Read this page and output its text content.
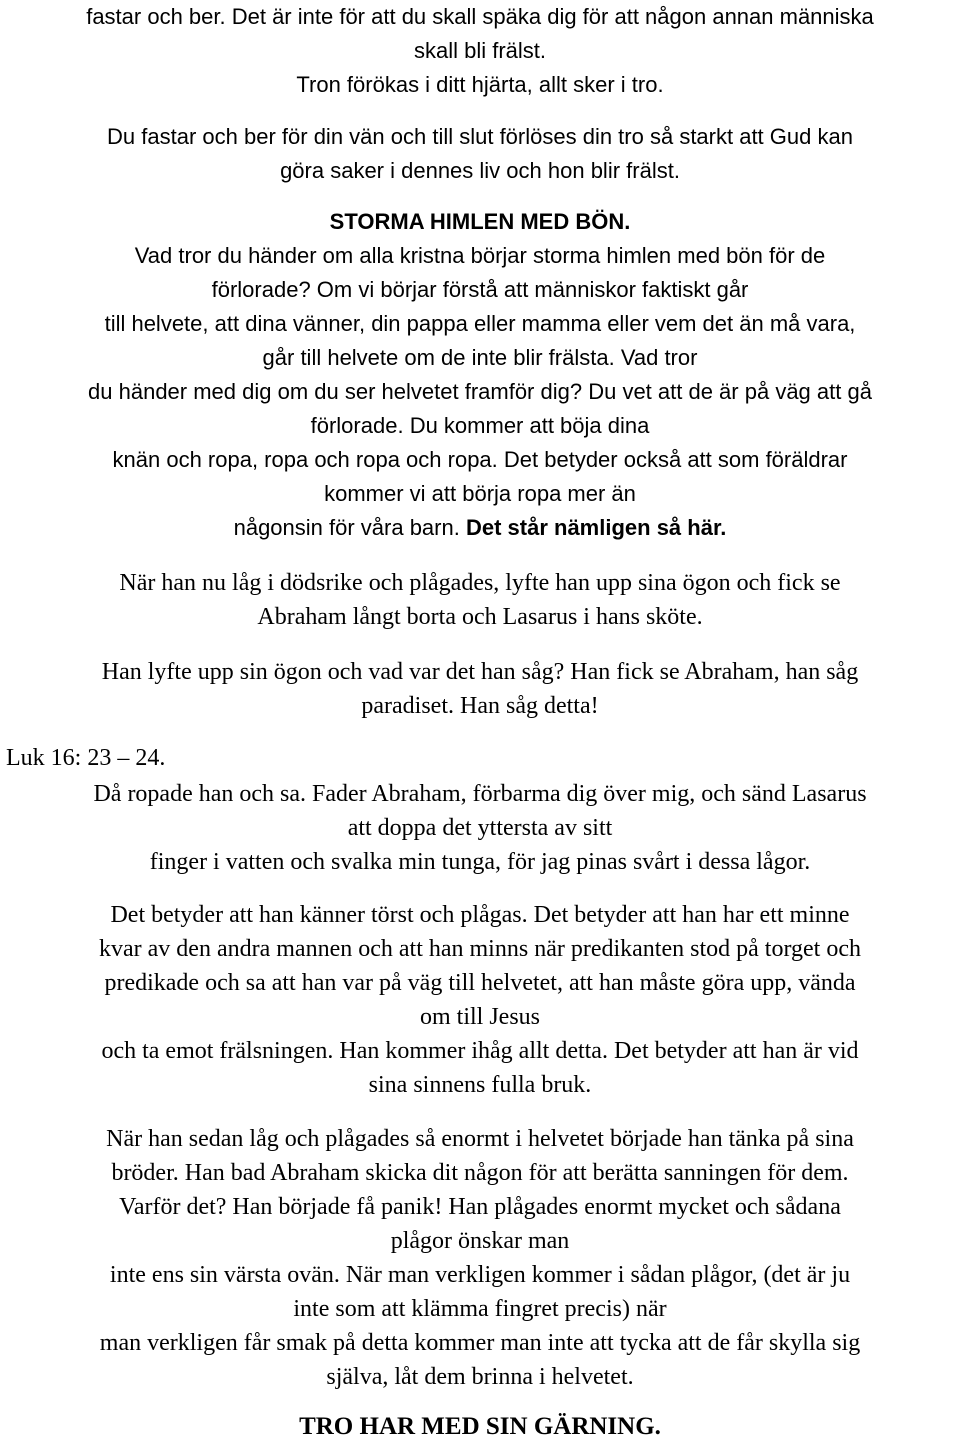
fastar och ber. Det är inte för att du skall späka dig för att någon annan människa
skall bli frälst.
Tron förökas i ditt hjärta, allt sker i tro.
Du fastar och ber för din vän och till slut förlöses din tro så starkt att Gud kan
göra saker i dennes liv och hon blir frälst.
STORMA HIMLEN MED BÖN.
Vad tror du händer om alla kristna börjar storma himlen med bön för de
förlorade? Om vi börjar förstå att människor faktiskt går
till helvete, att dina vänner, din pappa eller mamma eller vem det än må vara,
går till helvete om de inte blir frälsta. Vad tror
du händer med dig om du ser helvetet framför dig? Du vet att de är på väg att gå
förlorade. Du kommer att böja dina
knän och ropa, ropa och ropa och ropa. Det betyder också att som föräldrar
kommer vi att börja ropa mer än
någonsin för våra barn. Det står nämligen så här.
När han nu låg i dödsrike och plågades, lyfte han upp sina ögon och fick se
Abraham långt borta och Lasarus i hans sköte.
Han lyfte upp sin ögon och vad var det han såg? Han fick se Abraham, han såg
paradiset. Han såg detta!
Luk 16: 23 – 24.
Då ropade han och sa. Fader Abraham, förbarma dig över mig, och sänd Lasarus
att doppa det yttersta av sitt
finger i vatten och svalka min tunga, för jag pinas svårt i dessa lågor.
Det betyder att han känner törst och plågas. Det betyder att han har ett minne
kvar av den andra mannen och att han minns när predikanten stod på torget och
predikade och sa att han var på väg till helvetet, att han måste göra upp, vända
om till Jesus
och ta emot frälsningen. Han kommer ihåg allt detta. Det betyder att han är vid
sina sinnens fulla bruk.
När han sedan låg och plågades så enormt i helvetet började han tänka på sina
bröder. Han bad Abraham skicka dit någon för att berätta sanningen för dem.
Varför det? Han började få panik! Han plågades enormt mycket och sådana
plågor önskar man
inte ens sin värsta ovän. När man verkligen kommer i sådan plågor, (det är ju
inte som att klämma fingret precis) när
man verkligen får smak på detta kommer man inte att tycka att de får skylla sig
själva, låt dem brinna i helvetet.
TRO HAR MED SIN GÄRNING.
